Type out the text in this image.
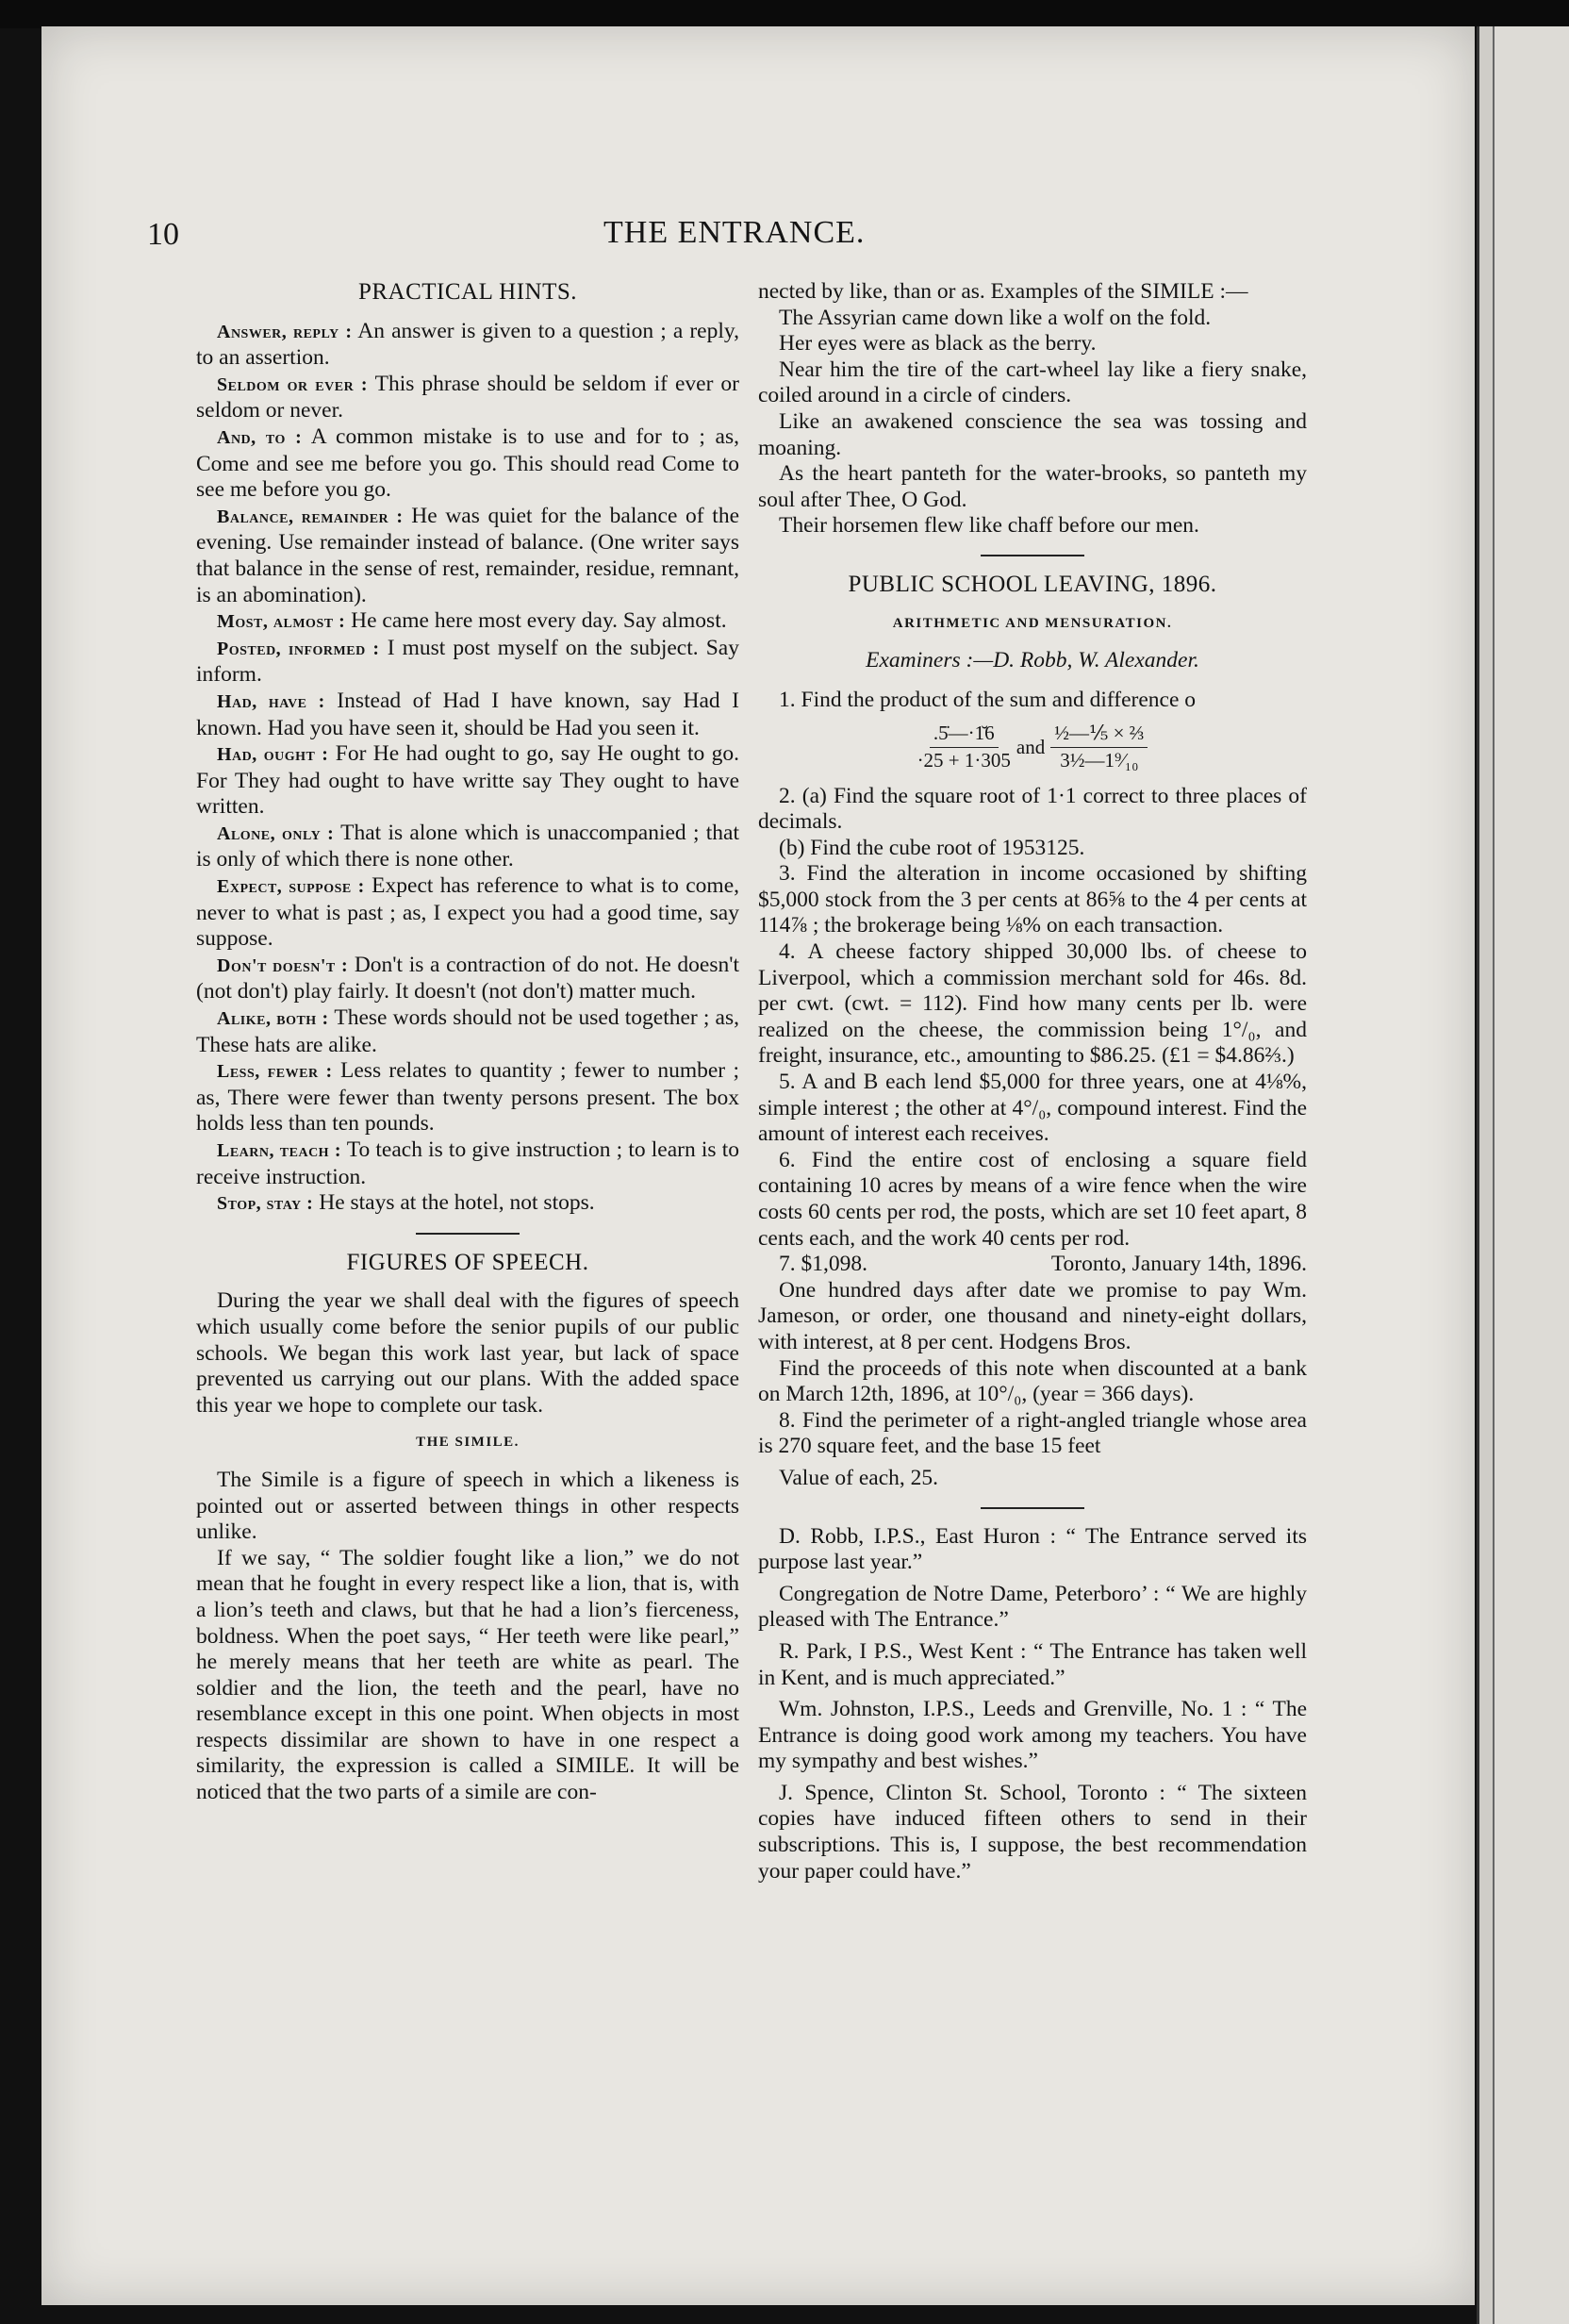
10	THE ENTRANCE.
PRACTICAL HINTS.

Answer, reply : An answer is given to a question ; a reply, to an assertion.

Seldom or ever : This phrase should be seldom if ever or seldom or never.

And, to : A common mistake is to use and for to ; as, Come and see me before you go. This should read Come to see me before you go.

Balance, remainder : He was quiet for the balance of the evening. Use remainder instead of balance. (One writer says that balance in the sense of rest, remainder, residue, remnant, is an abomination).

Most, almost : He came here most every day. Say almost.

Posted, informed : I must post myself on the subject. Say inform.

Had, have : Instead of Had I have known, say Had I known. Had you have seen it, should be Had you seen it.

Had, ought : For He had ought to go, say He ought to go. For They had ought to have writte say They ought to have written.

Alone, only : That is alone which is unaccompanied ; that is only of which there is none other.

Expect, suppose : Expect has reference to what is to come, never to what is past ; as, I expect you had a good time, say suppose.

Don't doesn't : Don't is a contraction of do not. He doesn't (not don't) play fairly. It doesn't (not don't) matter much.

Alike, both : These words should not be used together ; as, These hats are alike.

Less, fewer : Less relates to quantity ; fewer to number ; as, There were fewer than twenty persons present. The box holds less than ten pounds.

Learn, teach : To teach is to give instruction ; to learn is to receive instruction.

Stop, stay : He stays at the hotel, not stops.

FIGURES OF SPEECH.

During the year we shall deal with the figures of speech which usually come before the senior pupils of our public schools. We began this work last year, but lack of space prevented us carrying out our plans. With the added space this year we hope to complete our task.

THE SIMILE.

The Simile is a figure of speech in which a likeness is pointed out or asserted between things in other respects unlike.

If we say, “ The soldier fought like a lion,” we do not mean that he fought in every respect like a lion, that is, with a lion’s teeth and claws, but that he had a lion’s fierceness, boldness. When the poet says, “ Her teeth were like pearl,” he merely means that her teeth are white as pearl. The soldier and the lion, the teeth and the pearl, have no resemblance except in this one point. When objects in most respects dissimilar are shown to have in one respect a similarity, the expression is called a SIMILE. It will be noticed that the two parts of a simile are con-

nected by like, than or as. Examples of the SIMILE :—

The Assyrian came down like a wolf on the fold.

Her eyes were as black as the berry.

Near him the tire of the cart-wheel lay like a fiery snake, coiled around in a circle of cinders.

Like an awakened conscience the sea was tossing and moaning.

As the heart panteth for the water-brooks, so panteth my soul after Thee, O God.

Their horsemen flew like chaff before our men.

PUBLIC SCHOOL LEAVING, 1896.
ARITHMETIC AND MENSURATION.
Examiners :—D. Robb, W. Alexander.

1. Find the product of the sum and difference o

$\frac{.5̇—\cdot 1̆6}{\cdot 25 + 1\cdot 305}$ and
½—⅕ × ⅔
3½—1⁹⁄₁₀

2. (a) Find the square root of 1·1 correct to three places of decimals.

(b) Find the cube root of 1953125.

3. Find the alteration in income occasioned by shifting $5,000 stock from the 3 per cents at 86⅝ to the 4 per cents at 114⅞ ; the brokerage being ⅛% on each transaction.

4. A cheese factory shipped 30,000 lbs. of cheese to Liverpool, which a commission merchant sold for 46s. 8d. per cwt. (cwt. = 112). Find how many cents per lb. were realized on the cheese, the commission being 1°/₀, and freight, insurance, etc., amounting to $86.25. (£1 = $4.86⅔.)

5. A and B each lend $5,000 for three years, one at 4⅛%, simple interest ; the other at 4°/₀, compound interest. Find the amount of interest each receives.

6. Find the entire cost of enclosing a square field containing 10 acres by means of a wire fence when the wire costs 60 cents per rod, the posts, which are set 10 feet apart, 8 cents each, and the work 40 cents per rod.

7. $1,098.	Toronto, January 14th, 1896.

One hundred days after date we promise to pay Wm. Jameson, or order, one thousand and ninety-eight dollars, with interest, at 8 per cent. Hodgens Bros.

Find the proceeds of this note when discounted at a bank on March 12th, 1896, at 10°/₀, (year = 366 days).

8. Find the perimeter of a right-angled triangle whose area is 270 square feet, and the base 15 feet

Value of each, 25.

D. Robb, I.P.S., East Huron : “ The Entrance served its purpose last year.”

Congregation de Notre Dame, Peterboro’ : “ We are highly pleased with The Entrance.”

R. Park, I P.S., West Kent : “ The Entrance has taken well in Kent, and is much appreciated.”

Wm. Johnston, I.P.S., Leeds and Grenville, No. 1 : “ The Entrance is doing good work among my teachers. You have my sympathy and best wishes.”

J. Spence, Clinton St. School, Toronto : “ The sixteen copies have induced fifteen others to send in their subscriptions. This is, I suppose, the best recommendation your paper could have.”
